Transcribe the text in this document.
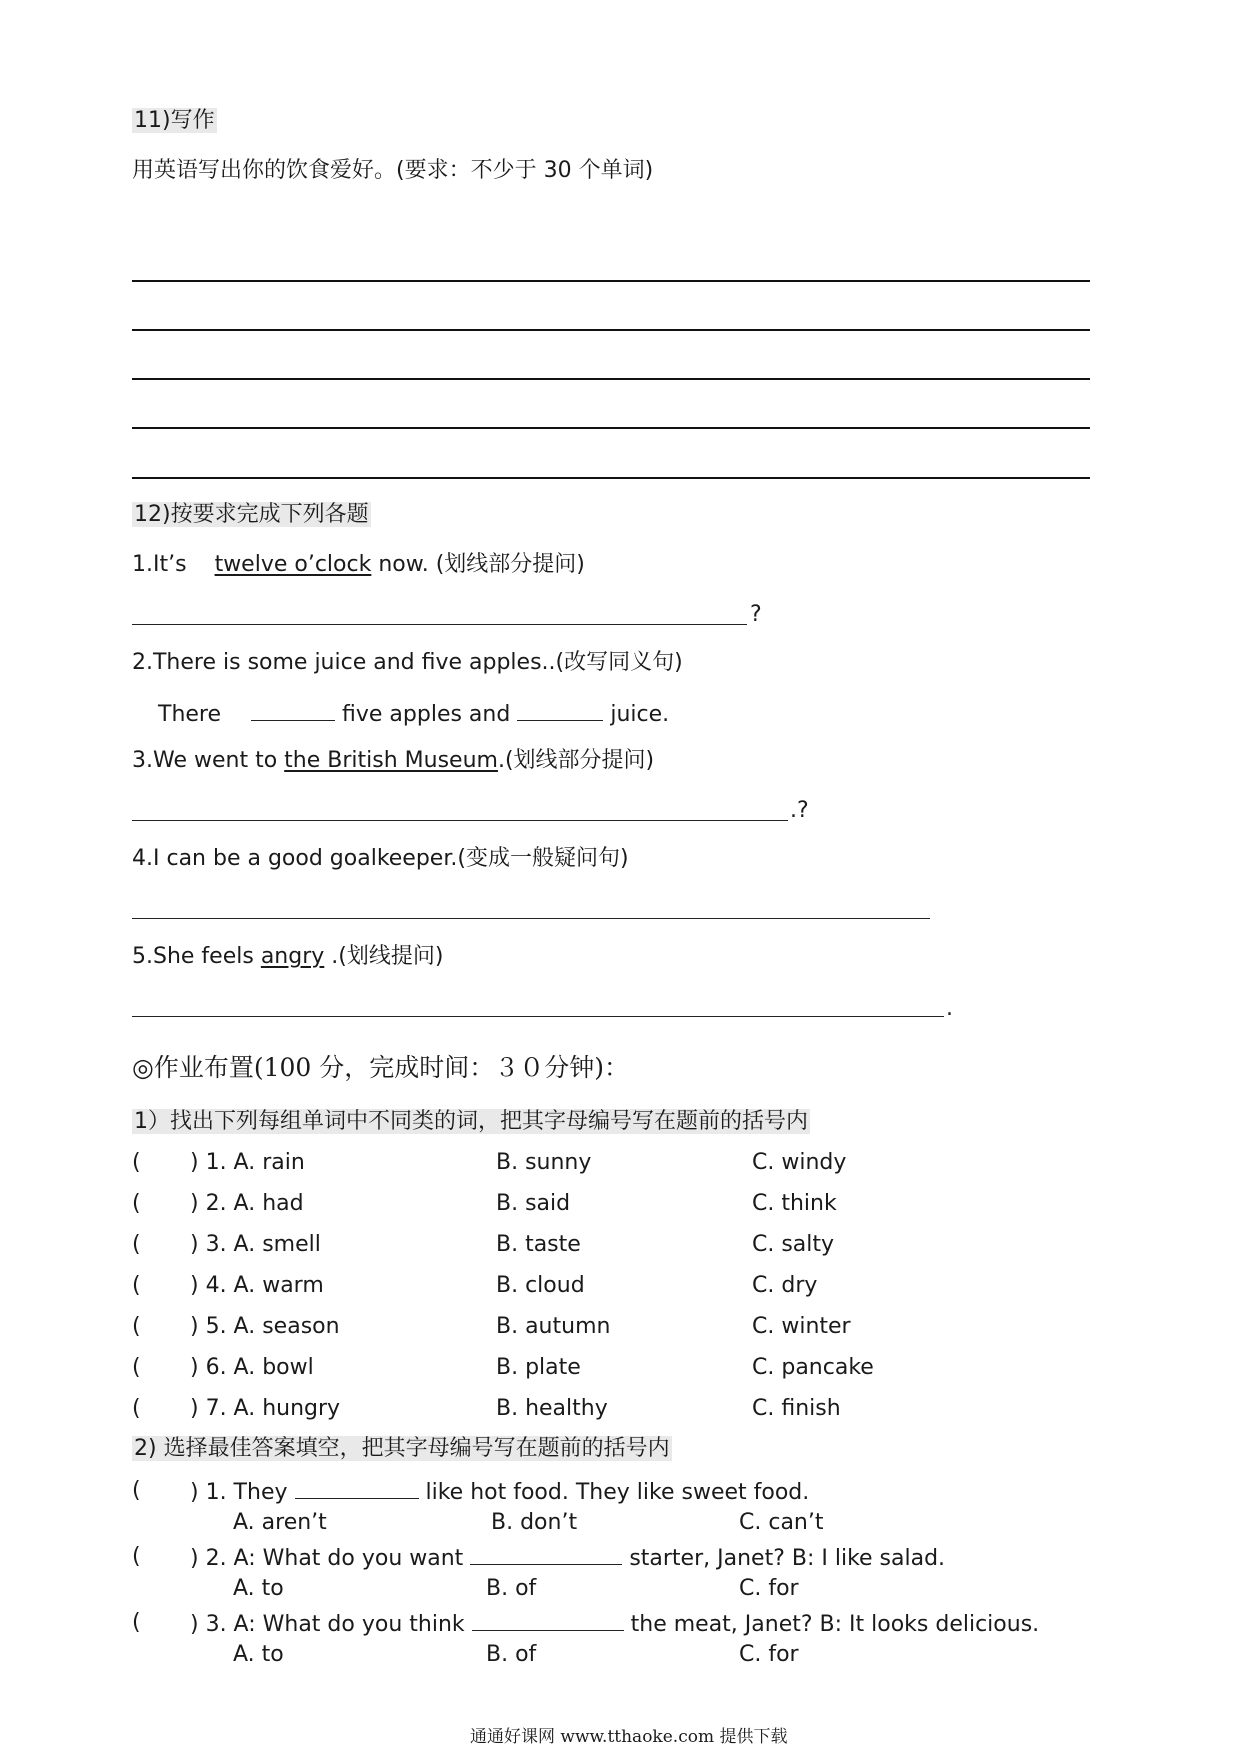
11)写作
用英语写出你的饮食爱好。(要求：不少于 30 个单词)
12)按要求完成下列各题
1.It’s twelve o’clock now. (划线部分提问)
?
2.There is some juice and five apples..(改写同义句)
There	five apples and	juice.
3.We went to the British Museum.(划线部分提问)
.?
4.I can be a good goalkeeper.(变成一般疑问句)
5.She feels angry .(划线提问)
.
◎作业布置(100 分，完成时间：３０分钟)：
1）找出下列每组单词中不同类的词，把其字母编号写在题前的括号内
( ) 1. A. rain	B. sunny	C. windy
( ) 2. A. had	B. said	C. think
( ) 3. A. smell	B. taste	C. salty
( ) 4. A. warm	B. cloud	C. dry
( ) 5. A. season	B. autumn	C. winter
( ) 6. A. bowl	B. plate	C. pancake
( ) 7. A. hungry	B. healthy	C. finish
2) 选择最佳答案填空，把其字母编号写在题前的括号内
( ) 1. They	like hot food. They like sweet food.
A. aren’t	B. don’t	C. can’t
( ) 2. A: What do you want	starter, Janet? B: I like salad.
A. to	B. of	C. for
( ) 3. A: What do you think	the meat, Janet? B: It looks delicious.
A. to	B. of	C. for
通通好课网 www.tthaoke.com 提供下载
